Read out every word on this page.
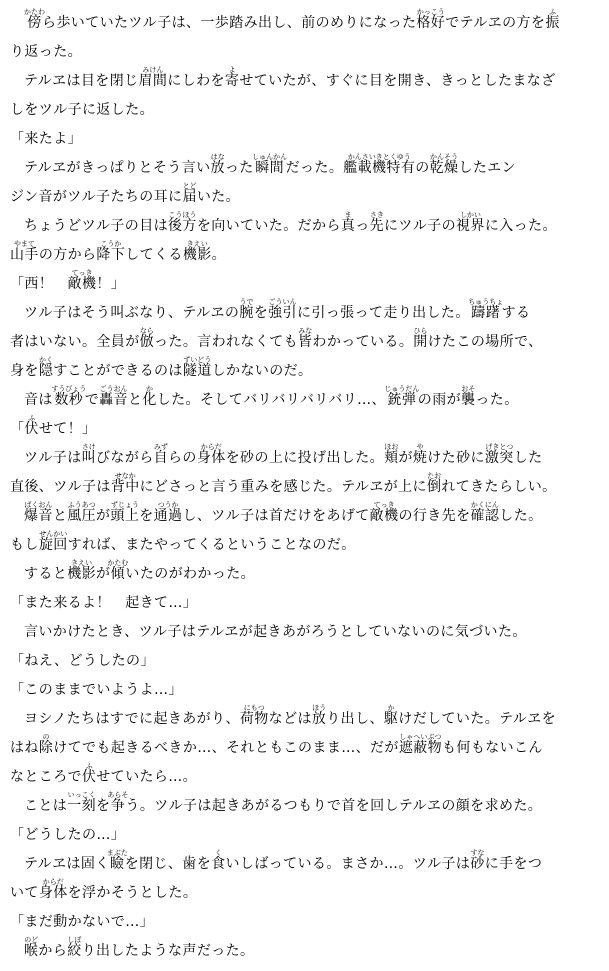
傍かたわら歩いていたツル子は、一歩踏み出し、前のめりになった格好かっこうでテルヱの方を振ふ
り返った。
テルヱは目を閉じ眉間みけんにしわを寄よせていたが、すぐに目を開き、きっとしたまなざ
しをツル子に返した。
「来たよ」
テルヱがきっぱりとそう言い放はなった瞬間しゅんかんだった。艦載機特有かんさいきとくゆうの乾燥かんそうしたエン
ジン音がツル子たちの耳に届とどいた。
ちょうどツル子の目は後方こうほうを向いていた。だから真まっ先さきにツル子の視界しかいに入った。
山手やまての方から降下こうかしてくる機影きえい。
「西！　敵機てっき！」
ツル子はそう叫ぶなり、テルヱの腕うでを強引ごういんに引っ張って走り出した。躊躇ちゅうちょする
者はいない。全員が倣ならった。言われなくても皆みなわかっている。開ひらけたこの場所で、
身を隠かくすことができるのは隧道ずいどうしかないのだ。
音は数秒すうびょうで轟音ごうおんと化かした。そしてバリバリバリバリ…、銃弾じゅうだんの雨が襲おそった。
「伏ふせて！」
ツル子は叫さけびながら自みずらの身体からだを砂の上に投げ出した。頬ほおが焼やけた砂に激突げきとつした
直後、ツル子は背中せなかにどさっと言う重みを感じた。テルヱが上に倒たおれてきたらしい。
爆音ばくおんと風圧ふうあつが頭上ずじょうを通過つうかし、ツル子は首だけをあげて敵機てっきの行き先を確認かくにんした。
もし旋回せんかいすれば、またやってくるということなのだ。
すると機影きえいが傾かたむいたのがわかった。
「また来るよ！　起きて…」
言いかけたとき、ツル子はテルヱが起きあがろうとしていないのに気づいた。
「ねえ、どうしたの」
「このままでいようよ…」
ヨシノたちはすでに起きあがり、荷物にもつなどは放ほうり出し、駆かけだしていた。テルヱを
はね除のけてでも起きるべきか…、それともこのまま…、だが遮蔽物しゃへいぶつも何もないこん
なところで伏ふせていたら…。
ことは一刻いっこくを争あらそう。ツル子は起きあがるつもりで首を回しテルヱの顔を求めた。
「どうしたの…」
テルヱは固く瞼まぶたを閉じ、歯を食くいしばっている。まさか…。ツル子は砂すなに手をつ
いて身体からだを浮かそうとした。
「まだ動かないで…」
喉のどから絞しぼり出したような声だった。
